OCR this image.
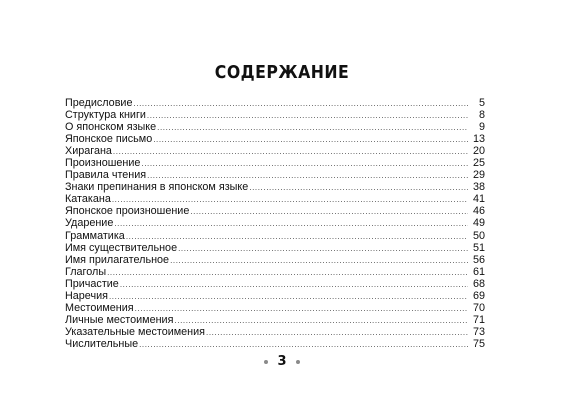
СОДЕРЖАНИЕ
Предисловие .....	5
Структура книги .....	8
О японском языке .....	9
Японское письмо .....	13
Хирагана .....	20
Произношение .....	25
Правила чтения .....	29
Знаки препинания в японском языке .....	38
Катакана .....	41
Японское произношение .....	46
Ударение .....	49
Грамматика .....	50
Имя существительное .....	51
Имя прилагательное .....	56
Глаголы .....	61
Причастие .....	68
Наречия .....	69
Местоимения .....	70
Личные местоимения .....	71
Указательные местоимения .....	73
Числительные .....	75
3
